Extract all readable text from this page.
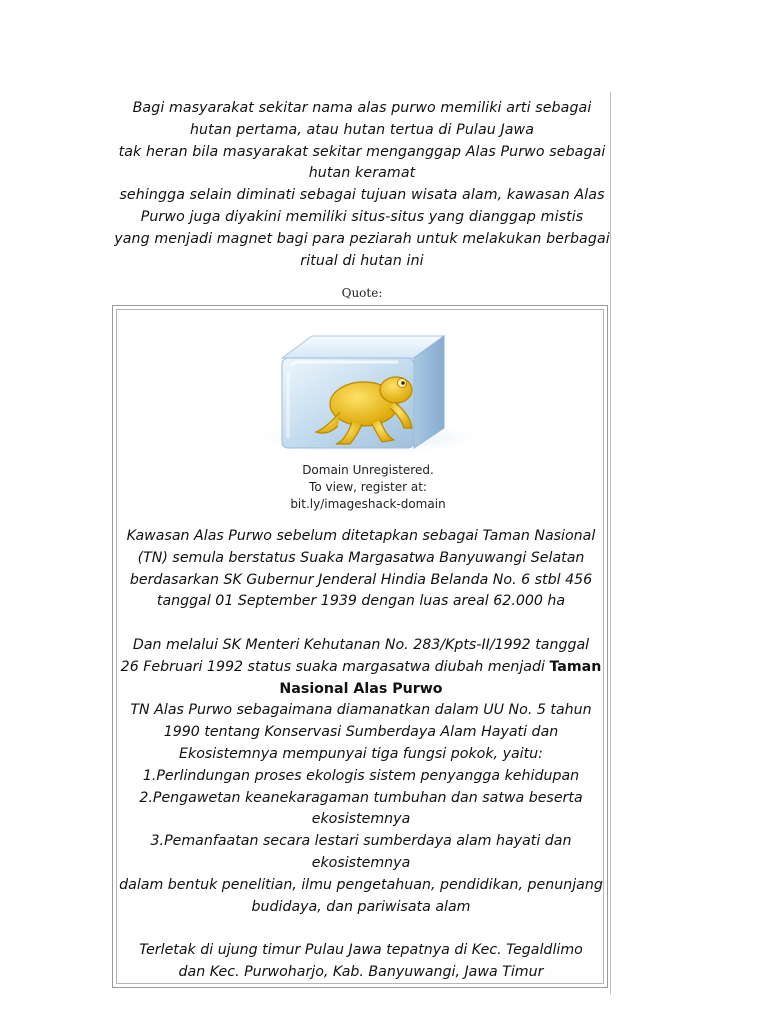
Bagi masyarakat sekitar nama alas purwo memiliki arti sebagai
hutan pertama, atau hutan tertua di Pulau Jawa
tak heran bila masyarakat sekitar menganggap Alas Purwo sebagai
hutan keramat
sehingga selain diminati sebagai tujuan wisata alam, kawasan Alas
Purwo juga diyakini memiliki situs-situs yang dianggap mistis
yang menjadi magnet bagi para peziarah untuk melakukan berbagai
ritual di hutan ini
Quote:
Domain Unregistered.
To view, register at:
bit.ly/imageshack-domain
Kawasan Alas Purwo sebelum ditetapkan sebagai Taman Nasional
(TN) semula berstatus Suaka Margasatwa Banyuwangi Selatan
berdasarkan SK Gubernur Jenderal Hindia Belanda No. 6 stbl 456
tanggal 01 September 1939 dengan luas areal 62.000 ha
Dan melalui SK Menteri Kehutanan No. 283/Kpts-II/1992 tanggal
26 Februari 1992 status suaka margasatwa diubah menjadi Taman
Nasional Alas Purwo
TN Alas Purwo sebagaimana diamanatkan dalam UU No. 5 tahun
1990 tentang Konservasi Sumberdaya Alam Hayati dan
Ekosistemnya mempunyai tiga fungsi pokok, yaitu:
1.Perlindungan proses ekologis sistem penyangga kehidupan
2.Pengawetan keanekaragaman tumbuhan dan satwa beserta
ekosistemnya
3.Pemanfaatan secara lestari sumberdaya alam hayati dan
ekosistemnya
dalam bentuk penelitian, ilmu pengetahuan, pendidikan, penunjang
budidaya, dan pariwisata alam
Terletak di ujung timur Pulau Jawa tepatnya di Kec. Tegaldlimo
dan Kec. Purwoharjo, Kab. Banyuwangi, Jawa Timur
